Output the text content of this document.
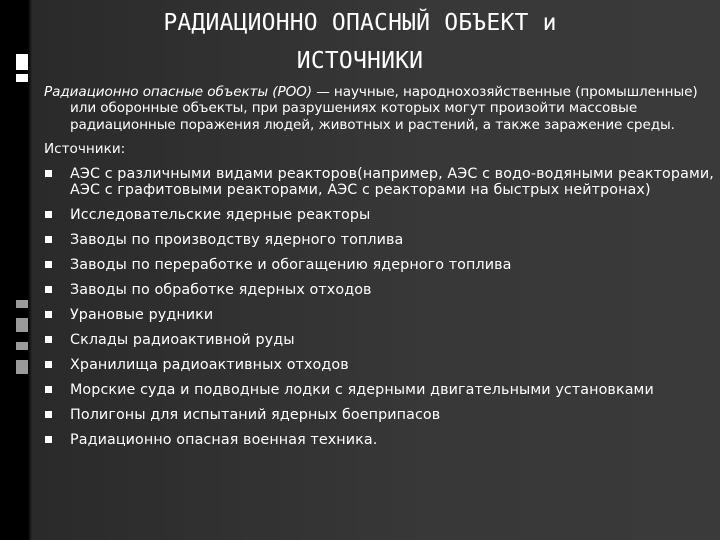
РАДИАЦИОННО ОПАСНЫЙ ОБЪЕКТ и
ИСТОЧНИКИ

Радиационно опасные объекты (РОО) — научные, народнохозяйственные (промышленные) или оборонные объекты, при разрушениях которых могут произойти массовые радиационные поражения людей, животных и растений, а также заражение среды.

Источники:
АЭС с различными видами реакторов(например, АЭС с водо-водяными реакторами, АЭС с графитовыми реакторами, АЭС с реакторами на быстрых нейтронах)
Исследовательские ядерные реакторы
Заводы по производству ядерного топлива
Заводы по переработке и обогащению ядерного топлива
Заводы по обработке ядерных отходов
Урановые рудники
Склады радиоактивной руды
Хранилища радиоактивных отходов
Морские суда и подводные лодки с ядерными двигательными установками
Полигоны для испытаний ядерных боеприпасов
Радиационно опасная военная техника.
